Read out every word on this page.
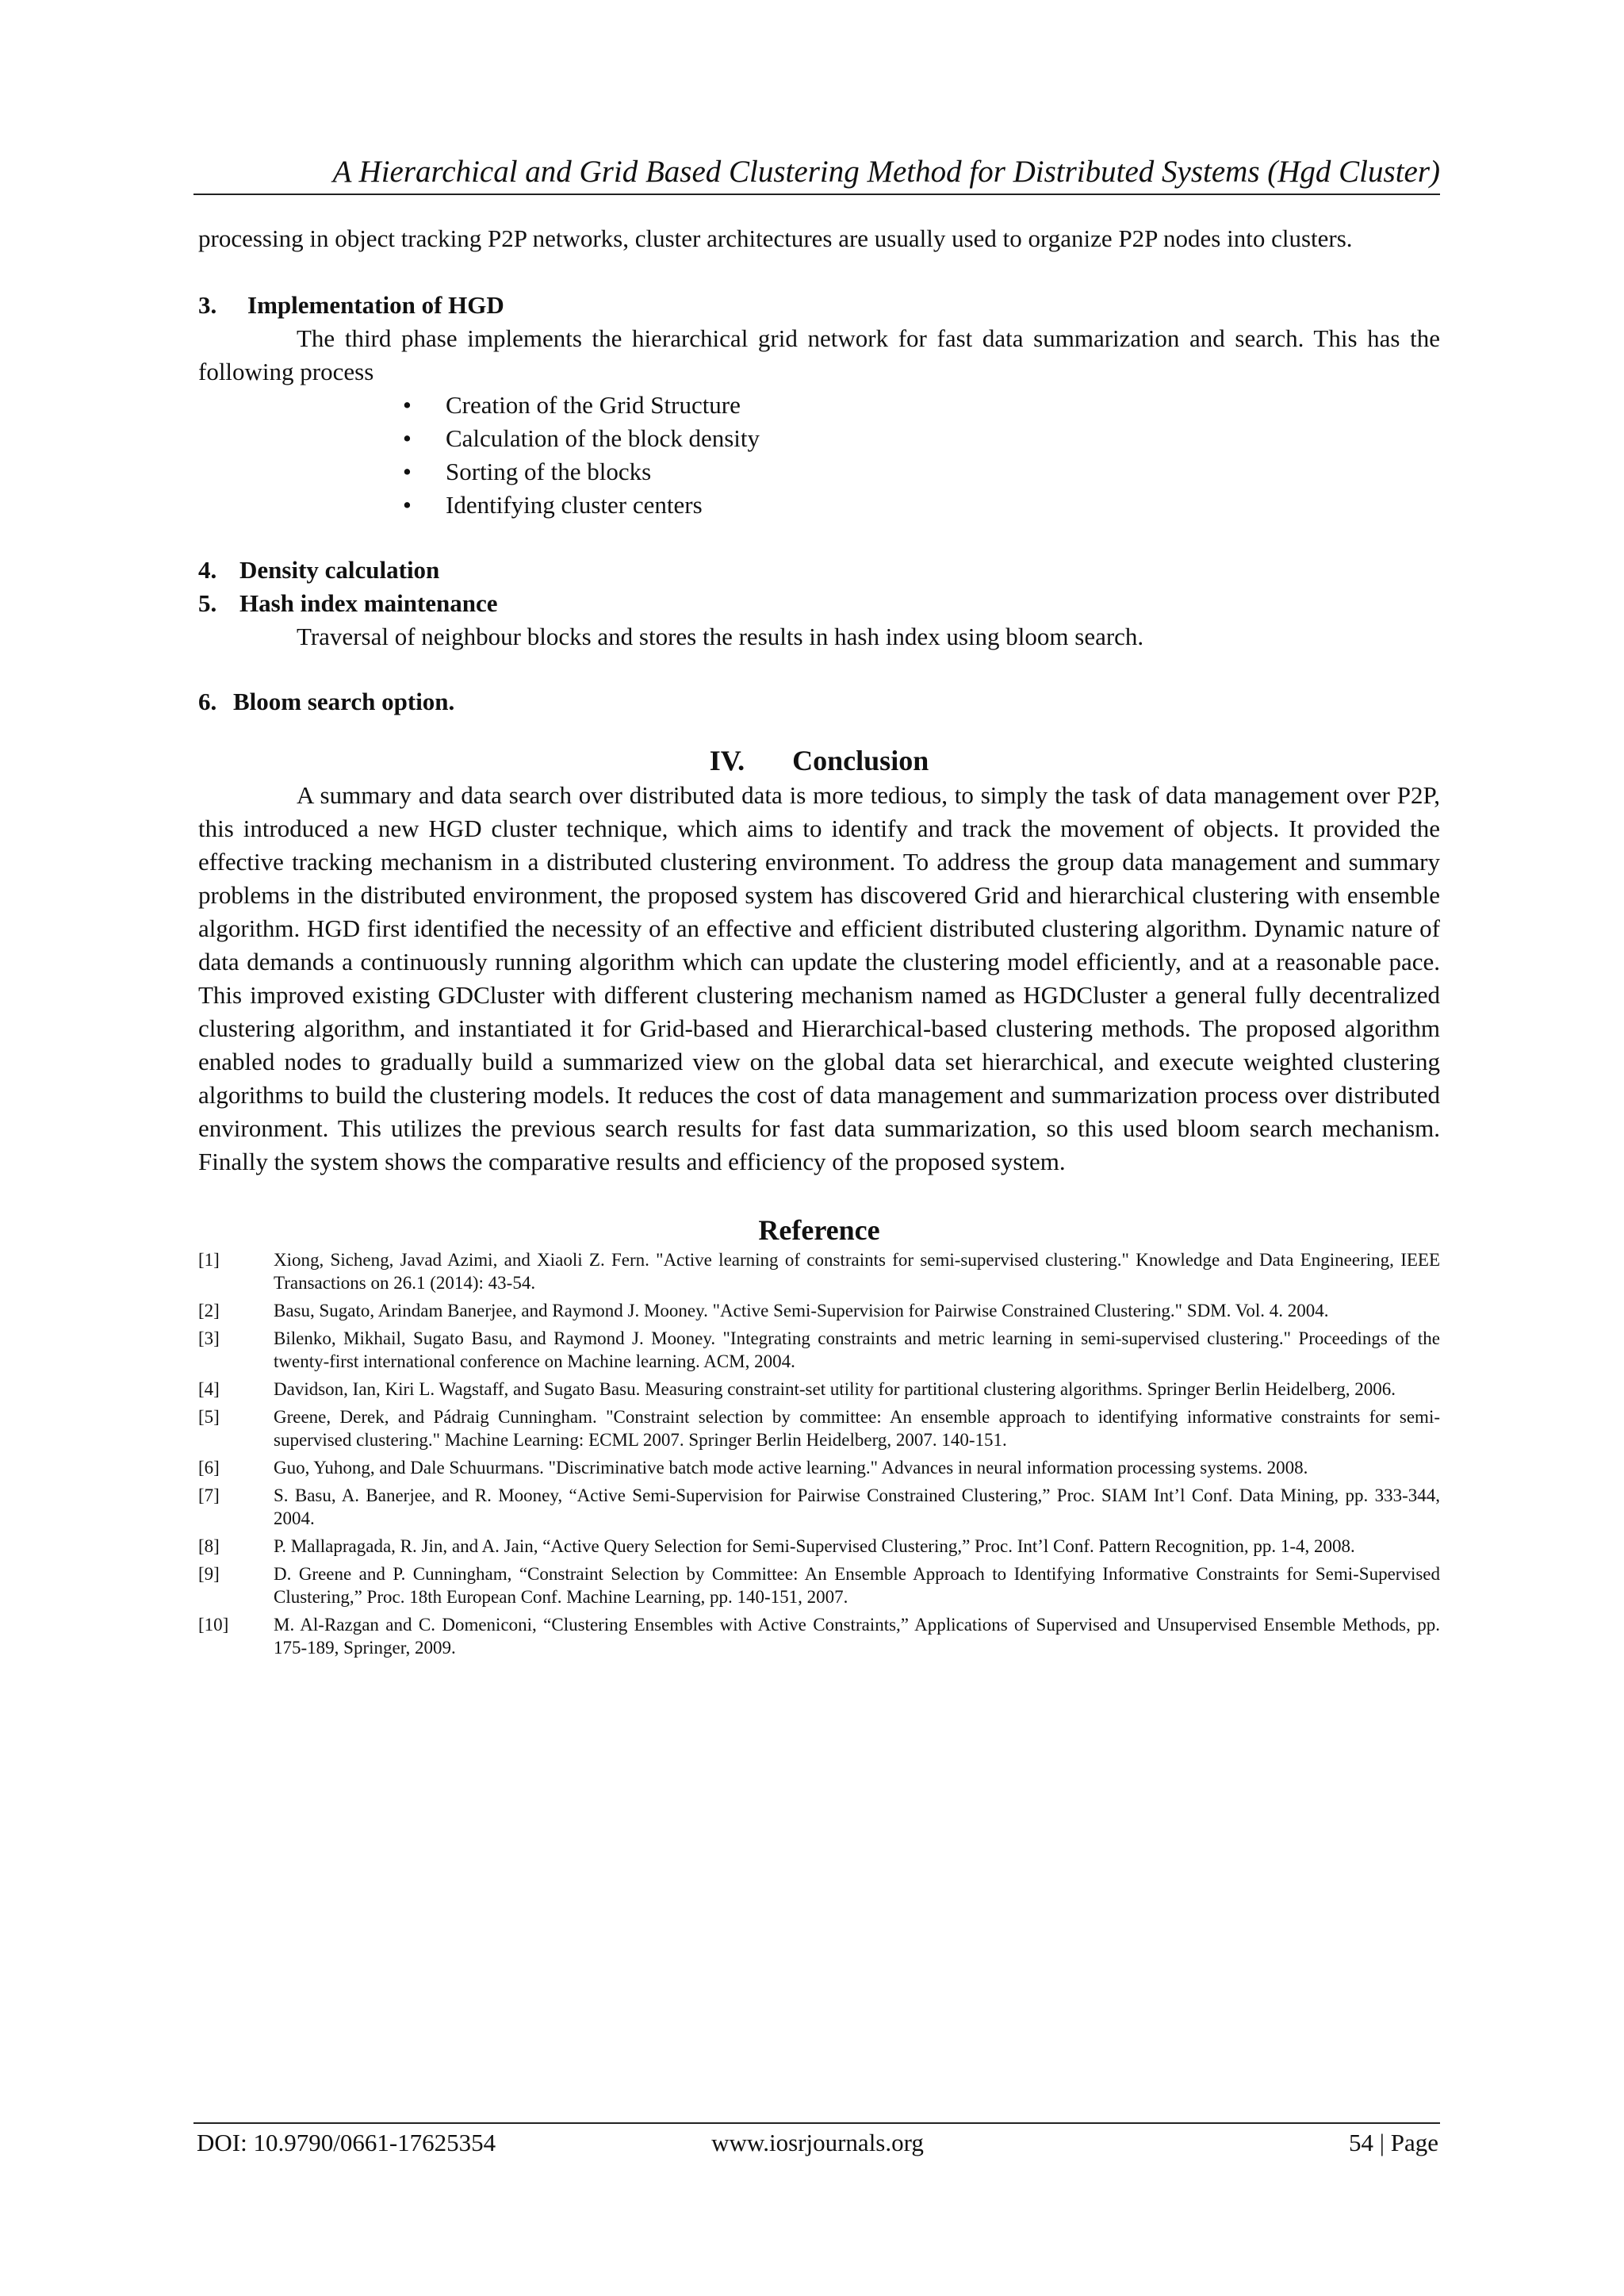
A Hierarchical and Grid Based Clustering Method for Distributed Systems (Hgd Cluster)

processing in object tracking P2P networks, cluster architectures are usually used to organize P2P nodes into clusters.

3. Implementation of HGD

The third phase implements the hierarchical grid network for fast data summarization and search. This has the following process

• Creation of the Grid Structure
• Calculation of the block density
• Sorting of the blocks
• Identifying cluster centers
4. Density calculation
5. Hash index maintenance

Traversal of neighbour blocks and stores the results in hash index using bloom search.

6. Bloom search option.
IV. Conclusion

A summary and data search over distributed data is more tedious, to simply the task of data management over P2P, this introduced a new HGD cluster technique, which aims to identify and track the movement of objects. It provided the effective tracking mechanism in a distributed clustering environment. To address the group data management and summary problems in the distributed environment, the proposed system has discovered Grid and hierarchical clustering with ensemble algorithm. HGD first identified the necessity of an effective and efficient distributed clustering algorithm. Dynamic nature of data demands a continuously running algorithm which can update the clustering model efficiently, and at a reasonable pace. This improved existing GDCluster with different clustering mechanism named as HGDCluster a general fully decentralized clustering algorithm, and instantiated it for Grid-based and Hierarchical-based clustering methods. The proposed algorithm enabled nodes to gradually build a summarized view on the global data set hierarchical, and execute weighted clustering algorithms to build the clustering models. It reduces the cost of data management and summarization process over distributed environment. This utilizes the previous search results for fast data summarization, so this used bloom search mechanism. Finally the system shows the comparative results and efficiency of the proposed system.

Reference
[1]	Xiong, Sicheng, Javad Azimi, and Xiaoli Z. Fern. "Active learning of constraints for semi-supervised clustering." Knowledge and Data Engineering, IEEE Transactions on 26.1 (2014): 43-54.
[2]	Basu, Sugato, Arindam Banerjee, and Raymond J. Mooney. "Active Semi-Supervision for Pairwise Constrained Clustering." SDM. Vol. 4. 2004.
[3]	Bilenko, Mikhail, Sugato Basu, and Raymond J. Mooney. "Integrating constraints and metric learning in semi-supervised clustering." Proceedings of the twenty-first international conference on Machine learning. ACM, 2004.
[4]	Davidson, Ian, Kiri L. Wagstaff, and Sugato Basu. Measuring constraint-set utility for partitional clustering algorithms. Springer Berlin Heidelberg, 2006.
[5]	Greene, Derek, and Pádraig Cunningham. "Constraint selection by committee: An ensemble approach to identifying informative constraints for semi-supervised clustering." Machine Learning: ECML 2007. Springer Berlin Heidelberg, 2007. 140-151.
[6]	Guo, Yuhong, and Dale Schuurmans. "Discriminative batch mode active learning." Advances in neural information processing systems. 2008.
[7]	S. Basu, A. Banerjee, and R. Mooney, “Active Semi-Supervision for Pairwise Constrained Clustering,” Proc. SIAM Int’l Conf. Data Mining, pp. 333-344, 2004.
[8]	P. Mallapragada, R. Jin, and A. Jain, “Active Query Selection for Semi-Supervised Clustering,” Proc. Int’l Conf. Pattern Recognition, pp. 1-4, 2008.
[9]	D. Greene and P. Cunningham, “Constraint Selection by Committee: An Ensemble Approach to Identifying Informative Constraints for Semi-Supervised Clustering,” Proc. 18th European Conf. Machine Learning, pp. 140-151, 2007.
[10] M. Al-Razgan and C. Domeniconi, “Clustering Ensembles with Active Constraints,” Applications of Supervised and Unsupervised Ensemble Methods, pp. 175-189, Springer, 2009.
DOI: 10.9790/0661-17625354	www.iosrjournals.org	54 | Page
